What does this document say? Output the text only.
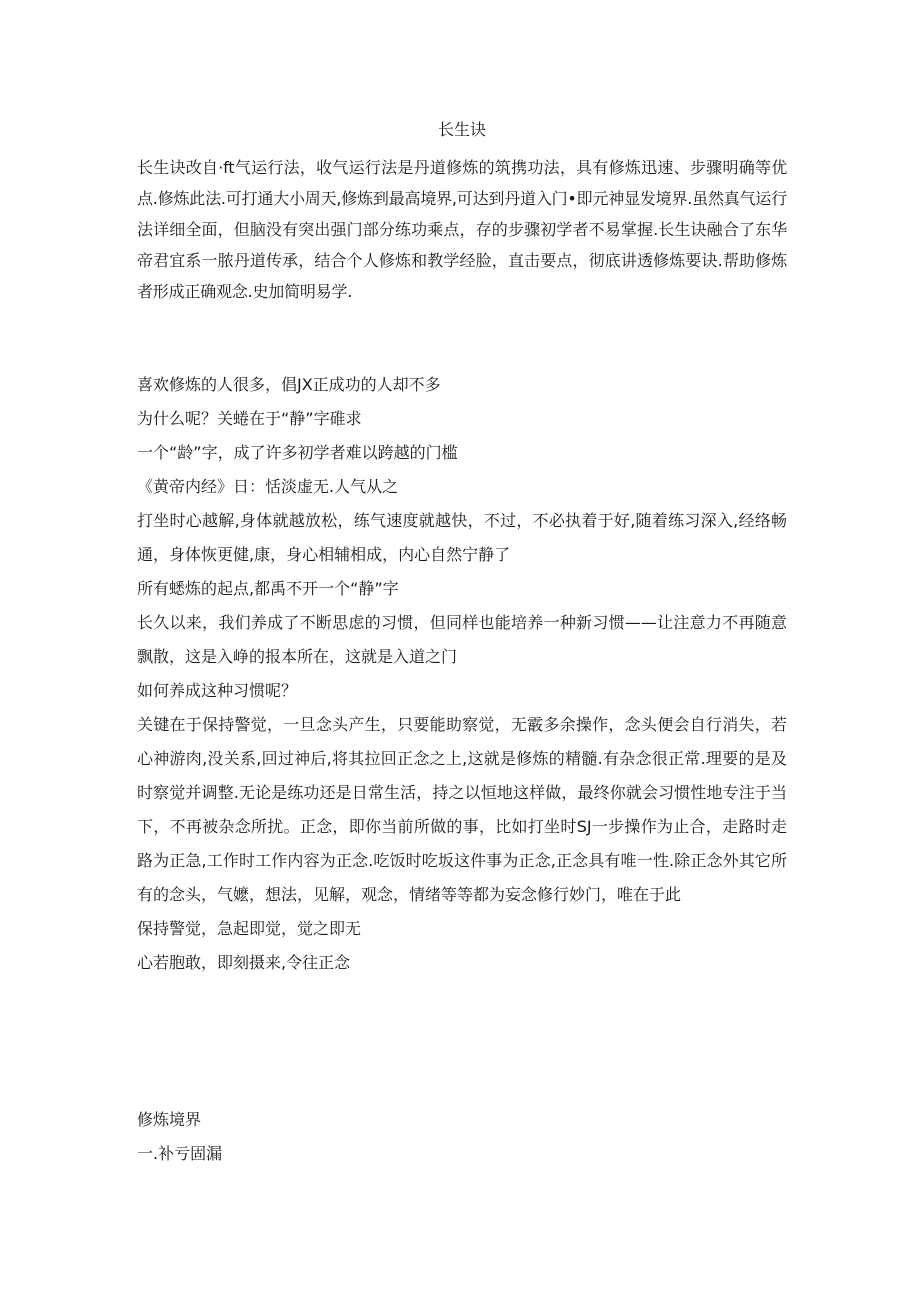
长生诀
长生诀改自·ft气运行法，收气运行法是丹道修炼的筑携功法，具有修炼迅速、步骤明确等优点.修炼此法.可打通大小周天,修炼到最高境界,可达到丹道入门•即元神显发境界.虽然真气运行法详细全面，但脑没有突出强门部分练功乘点，存的步骤初学者不易掌握.长生诀融合了东华帝君宜系一脓丹道传承，结合个人修炼和教学经脸，直击要点，彻底讲透修炼要诀.帮助修炼者形成正确观念.史加简明易学.
喜欢修炼的人很多，倡JX正成功的人却不多
为什么呢？关蜷在于“静”字碓求
一个“龄”字，成了许多初学者难以跨越的门槛
《黄帝内经》日：恬淡虚无.人气从之
打坐时心越解,身体就越放松，练气速度就越快，不过，不必执着于好,随着练习深入,经络畅通，身体恢更健,康，身心相辅相成，内心自然宁静了
所有蟋炼的起点,都禹不开一个“静”字
长久以来，我们养成了不断思虑的习惯，但同样也能培养一种新习惯——让注意力不再随意飘散，这是入峥的报本所在，这就是入道之门
如何养成这种习惯呢？
关键在于保持警觉，一旦念头产生，只要能助察觉，无霰多余操作，念头便会自行消失，若心神游肉,没关系,回过神后,将其拉回正念之上,这就是修炼的精髓.有杂念很正常.理要的是及时察觉并调整.无论是练功还是日常生活，持之以恒地这样做，最终你就会习惯性地专注于当下，不再被杂念所扰。正念，即你当前所做的事，比如打坐时SJ一步操作为止合，走路时走路为正急,工作时工作内容为正念.吃饭时吃坂这件事为正念,正念具有唯一性.除正念外其它所有的念头，气嬷，想法，见解，观念，情绪等等都为妄念修行妙门，唯在于此
保持警觉，急起即觉，觉之即无
心若胞敢，即刻摄来,令往正念
修炼境界
一.补亏固漏
